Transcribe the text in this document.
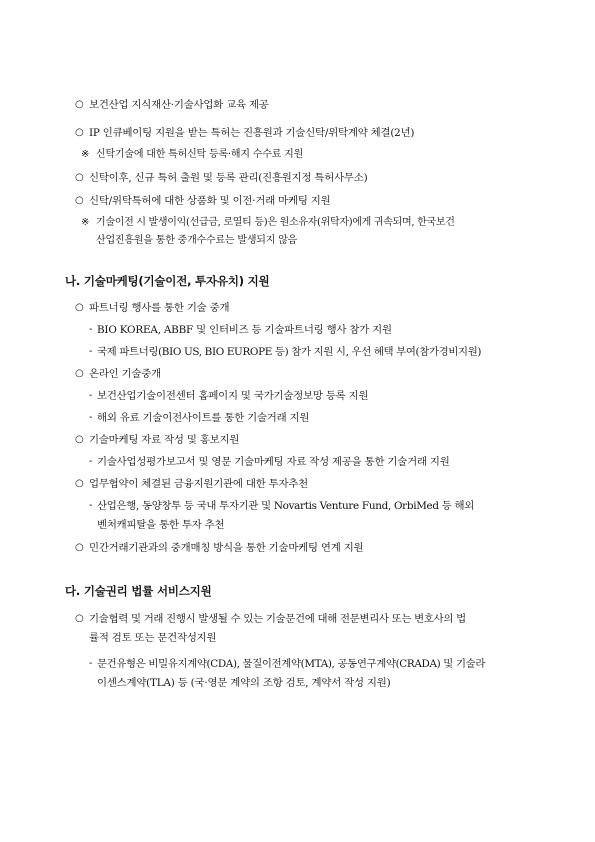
○ 보건산업 지식재산·기술사업화 교육 제공
○ IP 인큐베이팅 지원을 받는 특허는 진흥원과 기술신탁/위탁계약 체결(2년)
※ 신탁기술에 대한 특허신탁 등록·해지 수수료 지원
○ 신탁이후, 신규 특허 출원 및 등록 관리(진흥원지정 특허사무소)
○ 신탁/위탁특허에 대한 상품화 및 이전·거래 마케팅 지원
※ 기술이전 시 발생이익(선급금, 로열티 등)은 원소유자(위탁자)에게 귀속되며, 한국보건
산업진흥원을 통한 중개수수료는 발생되지 않음
나. 기술마케팅(기술이전, 투자유치) 지원
○ 파트너링 행사를 통한 기술 중개
- BIO KOREA, ABBF 및 인터비즈 등 기술파트너링 행사 참가 지원
- 국제 파트너링(BIO US, BIO EUROPE 등) 참가 지원 시, 우선 혜택 부여(참가경비지원)
○ 온라인 기술중개
- 보건산업기술이전센터 홈페이지 및 국가기술정보망 등록 지원
- 해외 유료 기술이전사이트를 통한 기술거래 지원
○ 기술마케팅 자료 작성 및 홍보지원
- 기술사업성평가보고서 및 영문 기술마케팅 자료 작성 제공을 통한 기술거래 지원
○ 업무협약이 체결된 금융지원기관에 대한 투자추천
- 산업은행, 동양창투 등 국내 투자기관 및 Novartis Venture Fund, OrbiMed 등 해외
벤처캐피탈을 통한 투자 추천
○ 민간거래기관과의 중개매칭 방식을 통한 기술마케팅 연계 지원
다. 기술권리 법률 서비스지원
○ 기술협력 및 거래 진행시 발생될 수 있는 기술문건에 대해 전문변리사 또는 변호사의 법
률적 검토 또는 문건작성지원
- 문건유형은 비밀유지계약(CDA), 물질이전계약(MTA), 공동연구계약(CRADA) 및 기술라
이센스계약(TLA) 등 (국·영문 계약의 조항 검토, 계약서 작성 지원)
